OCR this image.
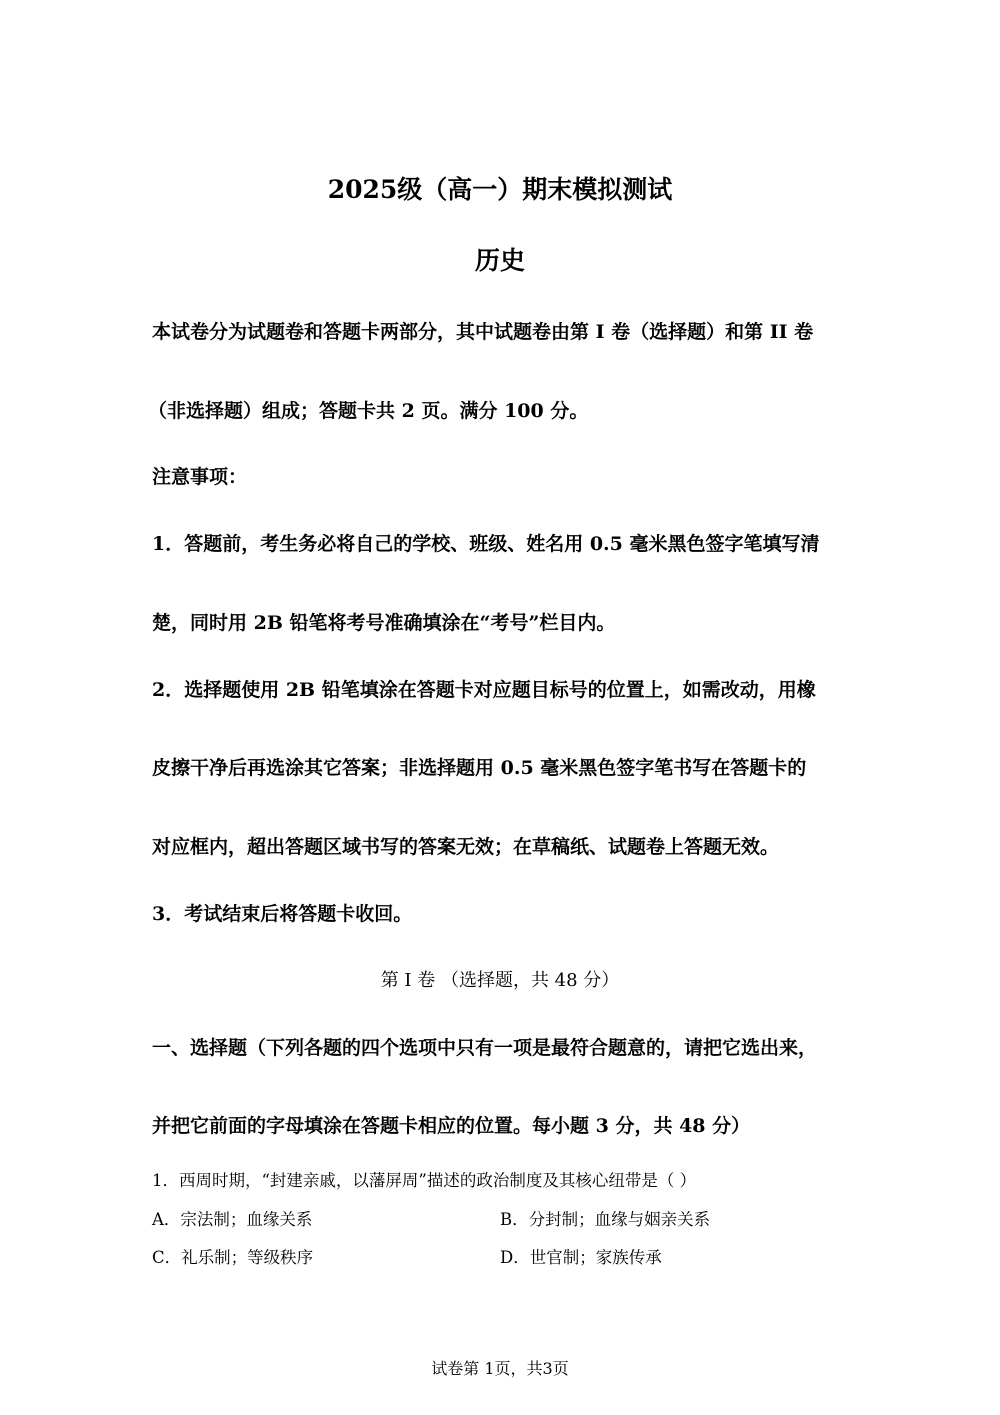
2025级（高一）期末模拟测试
历史
本试卷分为试题卷和答题卡两部分，其中试题卷由第 I 卷（选择题）和第 II 卷
（非选择题）组成；答题卡共 2 页。满分 100 分。
注意事项：
1．答题前，考生务必将自己的学校、班级、姓名用 0.5 毫米黑色签字笔填写清
楚，同时用 2B 铅笔将考号准确填涂在“考号”栏目内。
2．选择题使用 2B 铅笔填涂在答题卡对应题目标号的位置上，如需改动，用橡
皮擦干净后再选涂其它答案；非选择题用 0.5 毫米黑色签字笔书写在答题卡的
对应框内，超出答题区域书写的答案无效；在草稿纸、试题卷上答题无效。
3．考试结束后将答题卡收回。
第 I 卷 （选择题，共 48 分）
一、选择题（下列各题的四个选项中只有一项是最符合题意的，请把它选出来，
并把它前面的字母填涂在答题卡相应的位置。每小题 3 分，共 48 分）
1．西周时期，“封建亲戚，以藩屏周”描述的政治制度及其核心纽带是（ ）
A．宗法制；血缘关系	B．分封制；血缘与姻亲关系
C．礼乐制；等级秩序	D．世官制；家族传承
试卷第 1页，共3页
